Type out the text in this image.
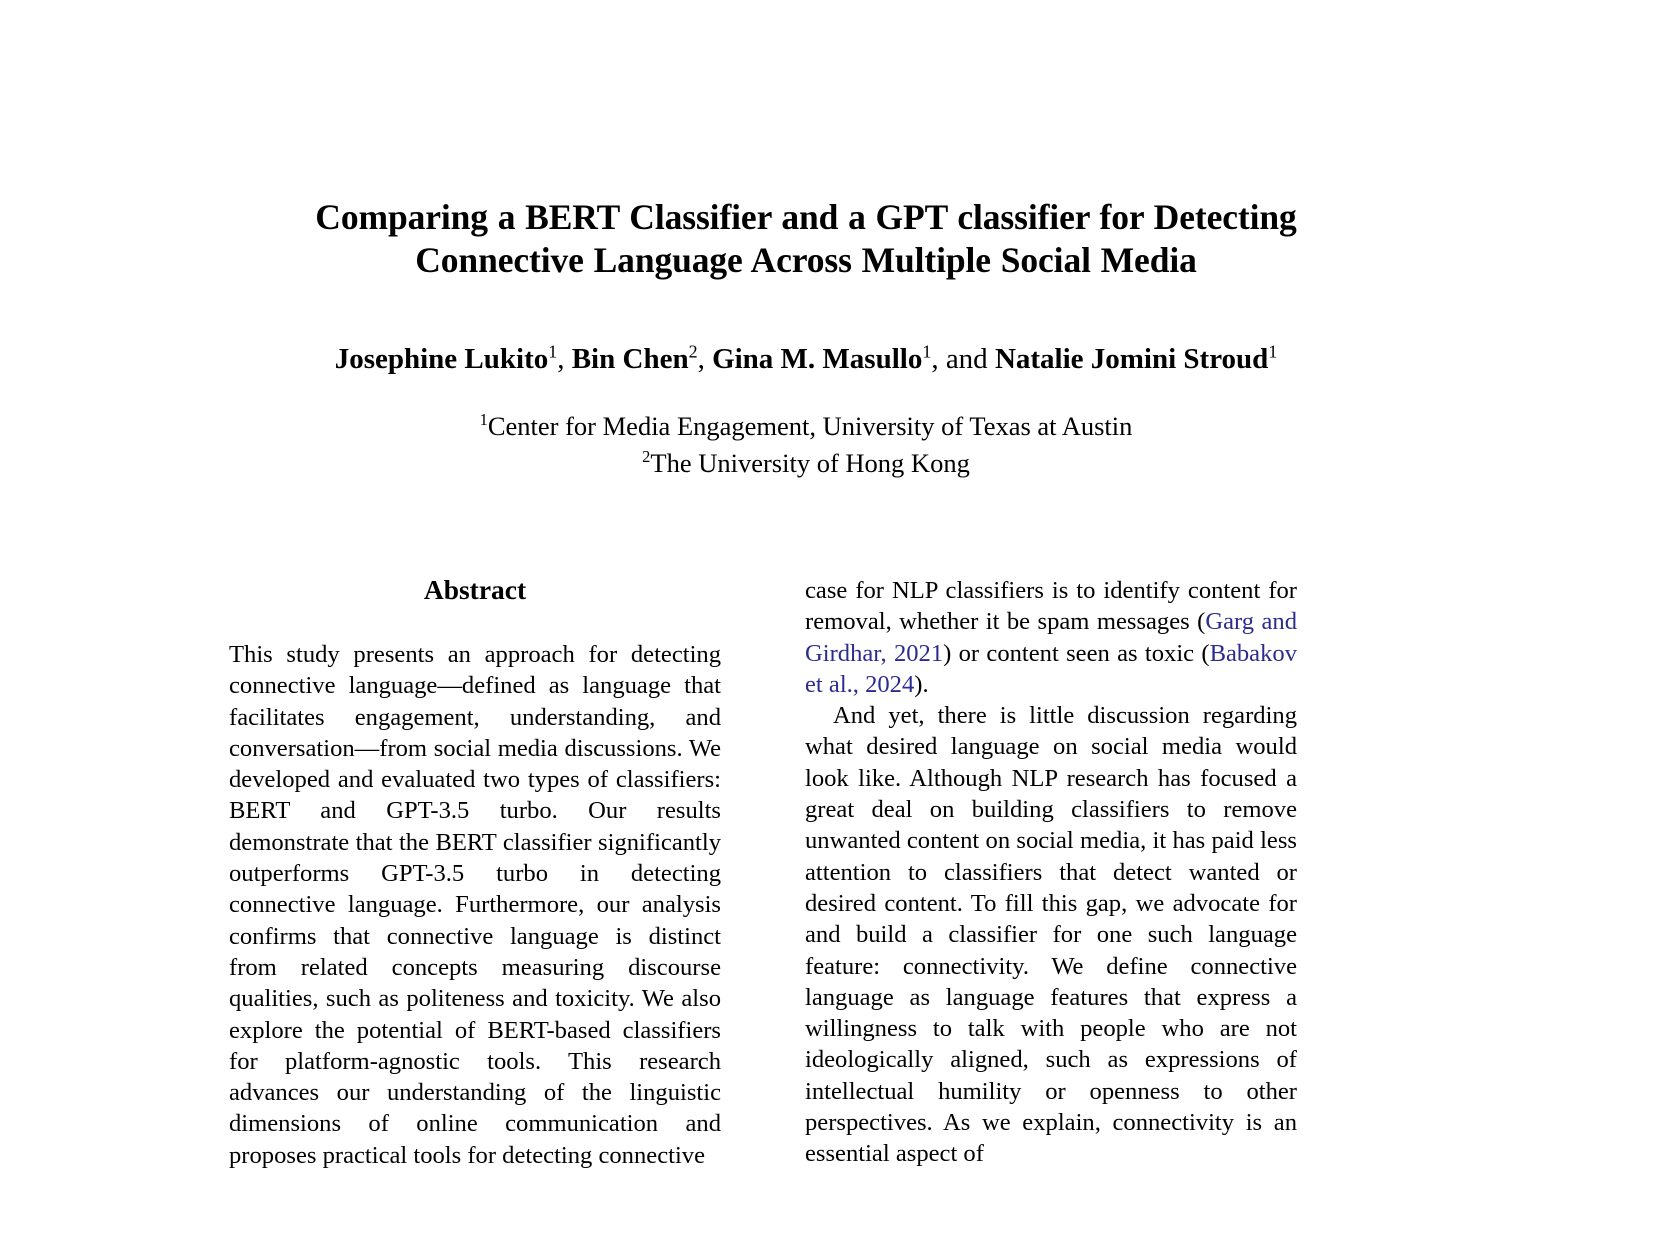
Comparing a BERT Classifier and a GPT classifier for Detecting Connective Language Across Multiple Social Media
Josephine Lukito$^1$, Bin Chen$^2$, Gina M. Masullo$^1$, and Natalie Jomini Stroud$^1$
$^1$Center for Media Engagement, University of Texas at Austin
$^2$The University of Hong Kong
Abstract

This study presents an approach for detecting connective language—defined as language that facilitates engagement, understanding, and conversation—from social media discussions. We developed and evaluated two types of classifiers: BERT and GPT-3.5 turbo. Our results demonstrate that the BERT classifier significantly outperforms GPT-3.5 turbo in detecting connective language. Furthermore, our analysis confirms that connective language is distinct from related concepts measuring discourse qualities, such as politeness and toxicity. We also explore the potential of BERT-based classifiers for platform-agnostic tools. This research advances our understanding of the linguistic dimensions of online communication and proposes practical tools for detecting connective

case for NLP classifiers is to identify content for removal, whether it be spam messages (Garg and Girdhar, 2021) or content seen as toxic (Babakov et al., 2024).

And yet, there is little discussion regarding what desired language on social media would look like. Although NLP research has focused a great deal on building classifiers to remove unwanted content on social media, it has paid less attention to classifiers that detect wanted or desired content. To fill this gap, we advocate for and build a classifier for one such language feature: connectivity. We define connective language as language features that express a willingness to talk with people who are not ideologically aligned, such as expressions of intellectual humility or openness to other perspectives. As we explain, connectivity is an essential aspect of
